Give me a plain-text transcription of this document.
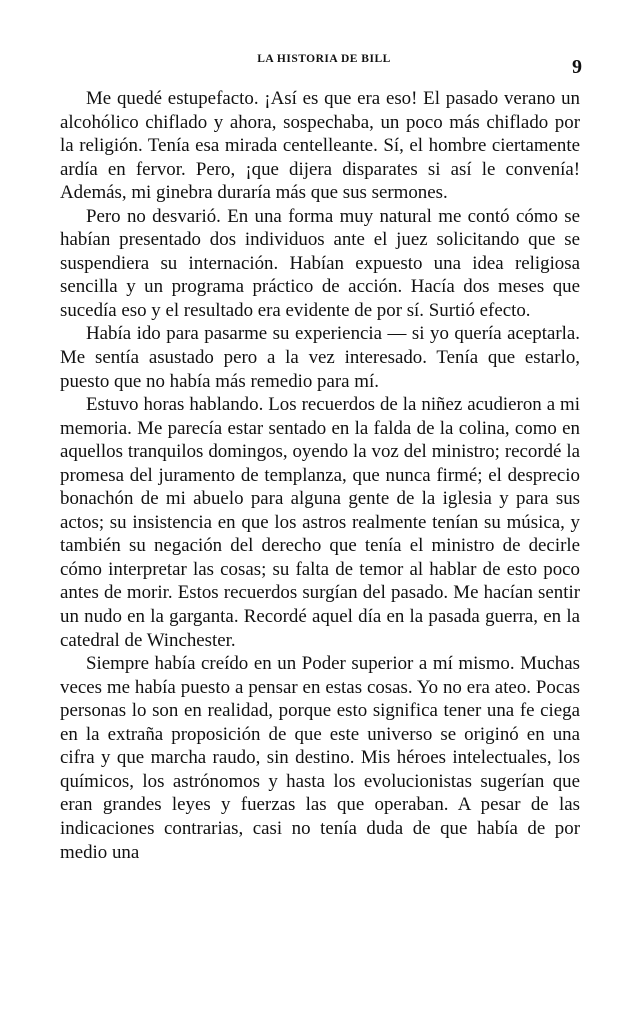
LA HISTORIA DE BILL	9

Me quedé estupefacto. ¡Así es que era eso! El pasado verano un alcohólico chiflado y ahora, sospechaba, un poco más chiflado por la religión. Tenía esa mirada centelleante. Sí, el hombre ciertamente ardía en fervor. Pero, ¡que dijera disparates si así le convenía! Además, mi ginebra duraría más que sus sermones.

Pero no desvarió. En una forma muy natural me contó cómo se habían presentado dos individuos ante el juez solicitando que se suspendiera su internación. Habían expuesto una idea religiosa sencilla y un programa práctico de acción. Hacía dos meses que sucedía eso y el resultado era evidente de por sí. Surtió efecto.

Había ido para pasarme su experiencia — si yo quería aceptarla. Me sentía asustado pero a la vez interesado. Tenía que estarlo, puesto que no había más remedio para mí.

Estuvo horas hablando. Los recuerdos de la niñez acudieron a mi memoria. Me parecía estar sentado en la falda de la colina, como en aquellos tranquilos domingos, oyendo la voz del ministro; recordé la promesa del juramento de templanza, que nunca firmé; el desprecio bonachón de mi abuelo para alguna gente de la iglesia y para sus actos; su insistencia en que los astros realmente tenían su música, y también su negación del derecho que tenía el ministro de decirle cómo interpretar las cosas; su falta de temor al hablar de esto poco antes de morir. Estos recuerdos surgían del pasado. Me hacían sentir un nudo en la garganta. Recordé aquel día en la pasada guerra, en la catedral de Winchester.

Siempre había creído en un Poder superior a mí mismo. Muchas veces me había puesto a pensar en estas cosas. Yo no era ateo. Pocas personas lo son en realidad, porque esto significa tener una fe ciega en la extraña proposición de que este universo se originó en una cifra y que marcha raudo, sin destino. Mis héroes intelectuales, los químicos, los astrónomos y hasta los evolucionistas sugerían que eran grandes leyes y fuerzas las que operaban. A pesar de las indicaciones contrarias, casi no tenía duda de que había de por medio una
